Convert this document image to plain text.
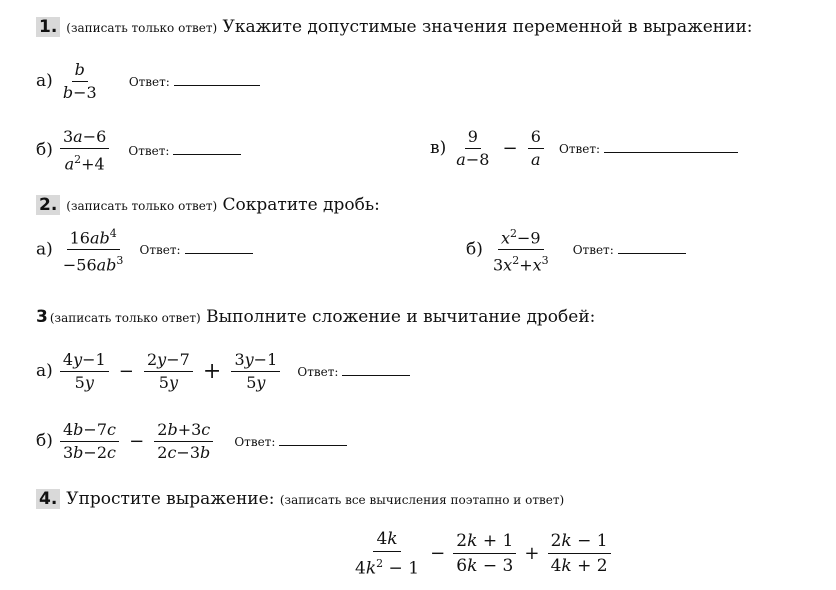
1. (записать только ответ) Укажите допустимые значения переменной в выражении:
$а) \frac{b}{b-3}$ Ответ:
$б) \frac{3a-6}{a^2+4}$ Ответ:	$в) \frac{9}{a-8} - \frac{6}{a}$ Ответ:
2. (записать только ответ) Сократите дробь:
$а) \frac{16ab^4}{-56ab^3}$ Ответ:	$б) \frac{x^2-9}{3x^2+x^3}$ Ответ:
3 (записать только ответ) Выполните сложение и вычитание дробей:
$а) \frac{4y-1}{5y} - \frac{2y-7}{5y} + \frac{3y-1}{5y}$ Ответ:
$б) \frac{4b-7c}{3b-2c} - \frac{2b+3c}{2c-3b}$ Ответ:
4. Упростите выражение: (записать все вычисления поэтапно и ответ)
$\frac{4k}{4k^2 - 1} - \frac{2k + 1}{6k - 3} + \frac{2k - 1}{4k + 2}$
